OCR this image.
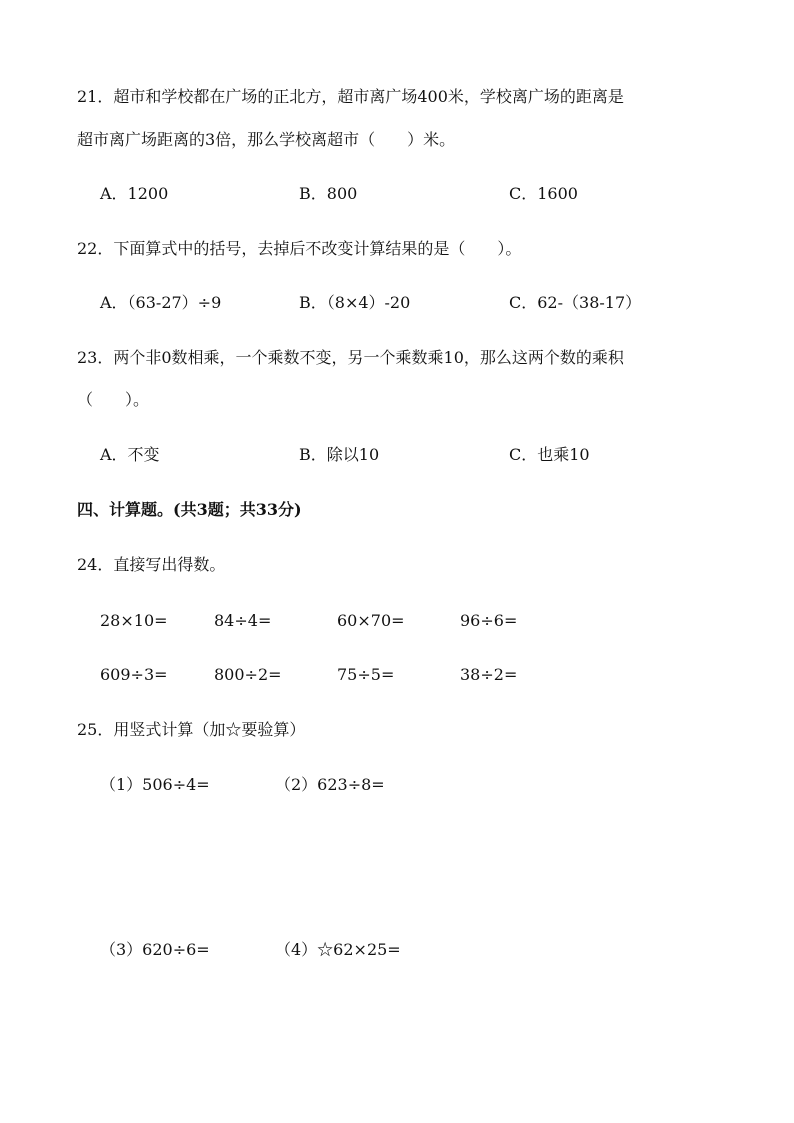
21．超市和学校都在广场的正北方，超市离广场400米，学校离广场的距离是
超市离广场距离的3倍，那么学校离超市（　　）米。
A．1200	B．800	C．1600
22．下面算式中的括号，去掉后不改变计算结果的是（　　）。
A．（63-27）÷9	B．（8×4）-20	C．62-（38-17）
23．两个非0数相乘，一个乘数不变，另一个乘数乘10，那么这两个数的乘积
（　　）。
A．不变	B．除以10	C．也乘10
四、计算题。(共3题；共33分)
24．直接写出得数。
28×10=	84÷4=	60×70=	96÷6=
609÷3=	800÷2=	75÷5=	38÷2=
25．用竖式计算（加☆要验算）
（1）506÷4=	（2）623÷8=
（3）620÷6=	（4）☆62×25=
